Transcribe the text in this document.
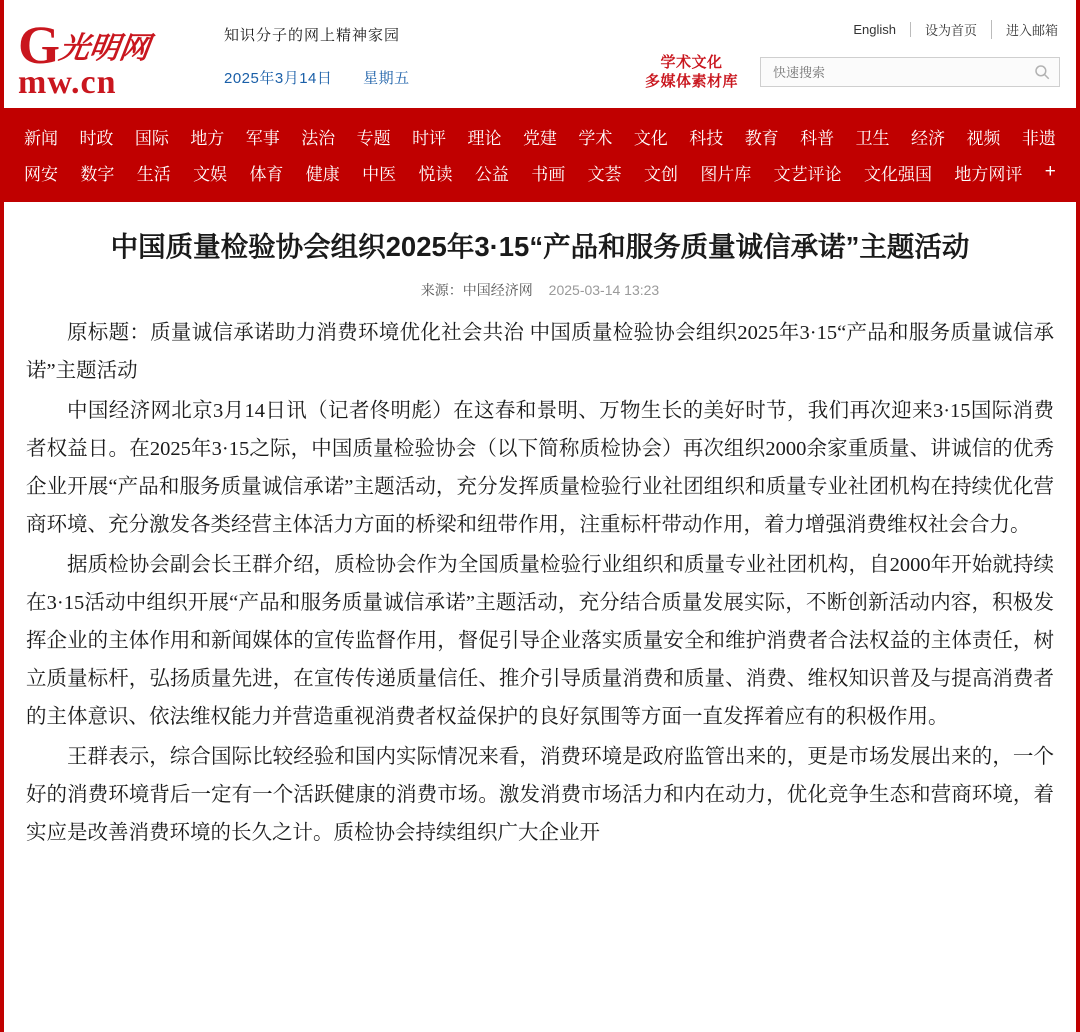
G 光明网
mw.cn
知识分子的网上精神家园
2025年3月14日 星期五
English	设为首页	进入邮箱
学术文化
多媒体素材库
快速搜索
新闻 时政 国际 地方 军事 法治 专题 时评 理论 党建 学术 文化 科技 教育 科普 卫生 经济 视频 非遗
网安 数字 生活 文娱 体育 健康 中医 悦读 公益 书画 文荟 文创 图片库 文艺评论 文化强国 地方网评 +
中国质量检验协会组织2025年3·15“产品和服务质量诚信承诺”主题活动
来源：中国经济网 2025-03-14 13:23

原标题：质量诚信承诺助力消费环境优化社会共治 中国质量检验协会组织2025年3·15“产品和服务质量诚信承诺”主题活动

中国经济网北京3月14日讯（记者佟明彪）在这春和景明、万物生长的美好时节，我们再次迎来3·15国际消费者权益日。在2025年3·15之际，中国质量检验协会（以下简称质检协会）再次组织2000余家重质量、讲诚信的优秀企业开展“产品和服务质量诚信承诺”主题活动，充分发挥质量检验行业社团组织和质量专业社团机构在持续优化营商环境、充分激发各类经营主体活力方面的桥梁和纽带作用，注重标杆带动作用，着力增强消费维权社会合力。

据质检协会副会长王群介绍，质检协会作为全国质量检验行业组织和质量专业社团机构，自2000年开始就持续在3·15活动中组织开展“产品和服务质量诚信承诺”主题活动，充分结合质量发展实际，不断创新活动内容，积极发挥企业的主体作用和新闻媒体的宣传监督作用，督促引导企业落实质量安全和维护消费者合法权益的主体责任，树立质量标杆，弘扬质量先进，在宣传传递质量信任、推介引导质量消费和质量、消费、维权知识普及与提高消费者的主体意识、依法维权能力并营造重视消费者权益保护的良好氛围等方面一直发挥着应有的积极作用。

王群表示，综合国际比较经验和国内实际情况来看，消费环境是政府监管出来的，更是市场发展出来的，一个好的消费环境背后一定有一个活跃健康的消费市场。激发消费市场活力和内在动力，优化竞争生态和营商环境，着实应是改善消费环境的长久之计。质检协会持续组织广大企业开
